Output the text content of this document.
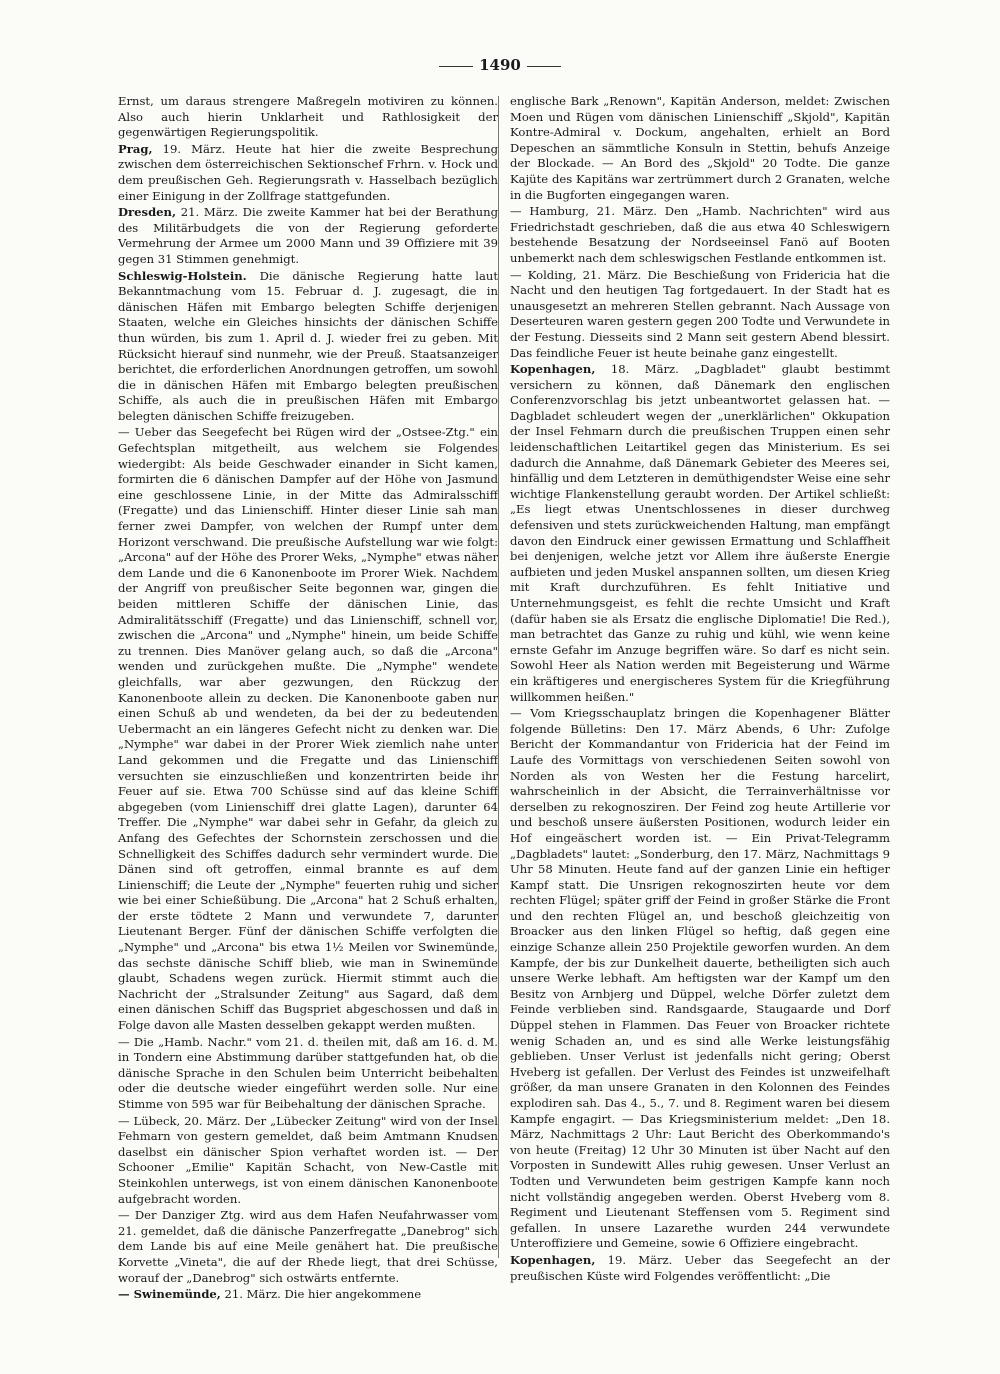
1490

Ernst, um daraus strengere Maßregeln motiviren zu können. Also auch hierin Unklarheit und Rathlosigkeit der gegenwärtigen Regierungspolitik.

Prag, 19. März. Heute hat hier die zweite Besprechung zwischen dem österreichischen Sektionschef Frhrn. v. Hock und dem preußischen Geh. Regierungsrath v. Hasselbach bezüglich einer Einigung in der Zollfrage stattgefunden.

Dresden, 21. März. Die zweite Kammer hat bei der Berathung des Militärbudgets die von der Regierung geforderte Vermehrung der Armee um 2000 Mann und 39 Offiziere mit 39 gegen 31 Stimmen genehmigt.

Schleswig-Holstein. Die dänische Regierung hatte laut Bekanntmachung vom 15. Februar d. J. zugesagt, die in dänischen Häfen mit Embargo belegten Schiffe derjenigen Staaten, welche ein Gleiches hinsichts der dänischen Schiffe thun würden, bis zum 1. April d. J. wieder frei zu geben. Mit Rücksicht hierauf sind nunmehr, wie der Preuß. Staatsanzeiger berichtet, die erforderlichen Anordnungen getroffen, um sowohl die in dänischen Häfen mit Embargo belegten preußischen Schiffe, als auch die in preußischen Häfen mit Embargo belegten dänischen Schiffe freizugeben.

— Ueber das Seegefecht bei Rügen wird der „Ostsee-Ztg." ein Gefechtsplan mitgetheilt, aus welchem sie Folgendes wiedergibt: Als beide Geschwader einander in Sicht kamen, formirten die 6 dänischen Dampfer auf der Höhe von Jasmund eine geschlossene Linie, in der Mitte das Admiralsschiff (Fregatte) und das Linienschiff. Hinter dieser Linie sah man ferner zwei Dampfer, von welchen der Rumpf unter dem Horizont verschwand. Die preußische Aufstellung war wie folgt: „Arcona" auf der Höhe des Prorer Weks, „Nymphe" etwas näher dem Lande und die 6 Kanonenboote im Prorer Wiek. Nachdem der Angriff von preußischer Seite begonnen war, gingen die beiden mittleren Schiffe der dänischen Linie, das Admiralitätsschiff (Fregatte) und das Linienschiff, schnell vor, zwischen die „Arcona" und „Nymphe" hinein, um beide Schiffe zu trennen. Dies Manöver gelang auch, so daß die „Arcona" wenden und zurückgehen mußte. Die „Nymphe" wendete gleichfalls, war aber gezwungen, den Rückzug der Kanonenboote allein zu decken. Die Kanonenboote gaben nur einen Schuß ab und wendeten, da bei der zu bedeutenden Uebermacht an ein längeres Gefecht nicht zu denken war. Die „Nymphe" war dabei in der Prorer Wiek ziemlich nahe unter Land gekommen und die Fregatte und das Linienschiff versuchten sie einzuschließen und konzentrirten beide ihr Feuer auf sie. Etwa 700 Schüsse sind auf das kleine Schiff abgegeben (vom Linienschiff drei glatte Lagen), darunter 64 Treffer. Die „Nymphe" war dabei sehr in Gefahr, da gleich zu Anfang des Gefechtes der Schornstein zerschossen und die Schnelligkeit des Schiffes dadurch sehr vermindert wurde. Die Dänen sind oft getroffen, einmal brannte es auf dem Linienschiff; die Leute der „Nymphe" feuerten ruhig und sicher wie bei einer Schießübung. Die „Arcona" hat 2 Schuß erhalten, der erste tödtete 2 Mann und verwundete 7, darunter Lieutenant Berger. Fünf der dänischen Schiffe verfolgten die „Nymphe" und „Arcona" bis etwa 1½ Meilen vor Swinemünde, das sechste dänische Schiff blieb, wie man in Swinemünde glaubt, Schadens wegen zurück. Hiermit stimmt auch die Nachricht der „Stralsunder Zeitung" aus Sagard, daß dem einen dänischen Schiff das Bugspriet abgeschossen und daß in Folge davon alle Masten desselben gekappt werden mußten.

— Die „Hamb. Nachr." vom 21. d. theilen mit, daß am 16. d. M. in Tondern eine Abstimmung darüber stattgefunden hat, ob die dänische Sprache in den Schulen beim Unterricht beibehalten oder die deutsche wieder eingeführt werden solle. Nur eine Stimme von 595 war für Beibehaltung der dänischen Sprache.

— Lübeck, 20. März. Der „Lübecker Zeitung" wird von der Insel Fehmarn von gestern gemeldet, daß beim Amtmann Knudsen daselbst ein dänischer Spion verhaftet worden ist. — Der Schooner „Emilie" Kapitän Schacht, von New-Castle mit Steinkohlen unterwegs, ist von einem dänischen Kanonenboote aufgebracht worden.

— Der Danziger Ztg. wird aus dem Hafen Neufahrwasser vom 21. gemeldet, daß die dänische Panzerfregatte „Danebrog" sich dem Lande bis auf eine Meile genähert hat. Die preußische Korvette „Vineta", die auf der Rhede liegt, that drei Schüsse, worauf der „Danebrog" sich ostwärts entfernte.

— Swinemünde, 21. März. Die hier angekommene

englische Bark „Renown", Kapitän Anderson, meldet: Zwischen Moen und Rügen vom dänischen Linienschiff „Skjold", Kapitän Kontre-Admiral v. Dockum, angehalten, erhielt an Bord Depeschen an sämmtliche Konsuln in Stettin, behufs Anzeige der Blockade. — An Bord des „Skjold" 20 Todte. Die ganze Kajüte des Kapitäns war zertrümmert durch 2 Granaten, welche in die Bugforten eingegangen waren.

— Hamburg, 21. März. Den „Hamb. Nachrichten" wird aus Friedrichstadt geschrieben, daß die aus etwa 40 Schleswigern bestehende Besatzung der Nordseeinsel Fanö auf Booten unbemerkt nach dem schleswigschen Festlande entkommen ist.

— Kolding, 21. März. Die Beschießung von Fridericia hat die Nacht und den heutigen Tag fortgedauert. In der Stadt hat es unausgesetzt an mehreren Stellen gebrannt. Nach Aussage von Deserteuren waren gestern gegen 200 Todte und Verwundete in der Festung. Diesseits sind 2 Mann seit gestern Abend blessirt. Das feindliche Feuer ist heute beinahe ganz eingestellt.

Kopenhagen, 18. März. „Dagbladet" glaubt bestimmt versichern zu können, daß Dänemark den englischen Conferenzvorschlag bis jetzt unbeantwortet gelassen hat. — Dagbladet schleudert wegen der „unerklärlichen" Okkupation der Insel Fehmarn durch die preußischen Truppen einen sehr leidenschaftlichen Leitartikel gegen das Ministerium. Es sei dadurch die Annahme, daß Dänemark Gebieter des Meeres sei, hinfällig und dem Letzteren in demüthigendster Weise eine sehr wichtige Flankenstellung geraubt worden. Der Artikel schließt: „Es liegt etwas Unentschlossenes in dieser durchweg defensiven und stets zurückweichenden Haltung, man empfängt davon den Eindruck einer gewissen Ermattung und Schlaffheit bei denjenigen, welche jetzt vor Allem ihre äußerste Energie aufbieten und jeden Muskel anspannen sollten, um diesen Krieg mit Kraft durchzuführen. Es fehlt Initiative und Unternehmungsgeist, es fehlt die rechte Umsicht und Kraft (dafür haben sie als Ersatz die englische Diplomatie! Die Red.), man betrachtet das Ganze zu ruhig und kühl, wie wenn keine ernste Gefahr im Anzuge begriffen wäre. So darf es nicht sein. Sowohl Heer als Nation werden mit Begeisterung und Wärme ein kräftigeres und energischeres System für die Kriegführung willkommen heißen."

— Vom Kriegsschauplatz bringen die Kopenhagener Blätter folgende Bülletins: Den 17. März Abends, 6 Uhr: Zufolge Bericht der Kommandantur von Fridericia hat der Feind im Laufe des Vormittags von verschiedenen Seiten sowohl von Norden als von Westen her die Festung harcelirt, wahrscheinlich in der Absicht, die Terrainverhältnisse vor derselben zu rekognosziren. Der Feind zog heute Artillerie vor und beschoß unsere äußersten Positionen, wodurch leider ein Hof eingeäschert worden ist. — Ein Privat-Telegramm „Dagbladets" lautet: „Sonderburg, den 17. März, Nachmittags 9 Uhr 58 Minuten. Heute fand auf der ganzen Linie ein heftiger Kampf statt. Die Unsrigen rekognoszirten heute vor dem rechten Flügel; später griff der Feind in großer Stärke die Front und den rechten Flügel an, und beschoß gleichzeitig von Broacker aus den linken Flügel so heftig, daß gegen eine einzige Schanze allein 250 Projektile geworfen wurden. An dem Kampfe, der bis zur Dunkelheit dauerte, betheiligten sich auch unsere Werke lebhaft. Am heftigsten war der Kampf um den Besitz von Arnbjerg und Düppel, welche Dörfer zuletzt dem Feinde verblieben sind. Randsgaarde, Staugaarde und Dorf Düppel stehen in Flammen. Das Feuer von Broacker richtete wenig Schaden an, und es sind alle Werke leistungsfähig geblieben. Unser Verlust ist jedenfalls nicht gering; Oberst Hveberg ist gefallen. Der Verlust des Feindes ist unzweifelhaft größer, da man unsere Granaten in den Kolonnen des Feindes explodiren sah. Das 4., 5., 7. und 8. Regiment waren bei diesem Kampfe engagirt. — Das Kriegsministerium meldet: „Den 18. März, Nachmittags 2 Uhr: Laut Bericht des Oberkommando's von heute (Freitag) 12 Uhr 30 Minuten ist über Nacht auf den Vorposten in Sundewitt Alles ruhig gewesen. Unser Verlust an Todten und Verwundeten beim gestrigen Kampfe kann noch nicht vollständig angegeben werden. Oberst Hveberg vom 8. Regiment und Lieutenant Steffensen vom 5. Regiment sind gefallen. In unsere Lazarethe wurden 244 verwundete Unteroffiziere und Gemeine, sowie 6 Offiziere eingebracht.

Kopenhagen, 19. März. Ueber das Seegefecht an der preußischen Küste wird Folgendes veröffentlicht: „Die
